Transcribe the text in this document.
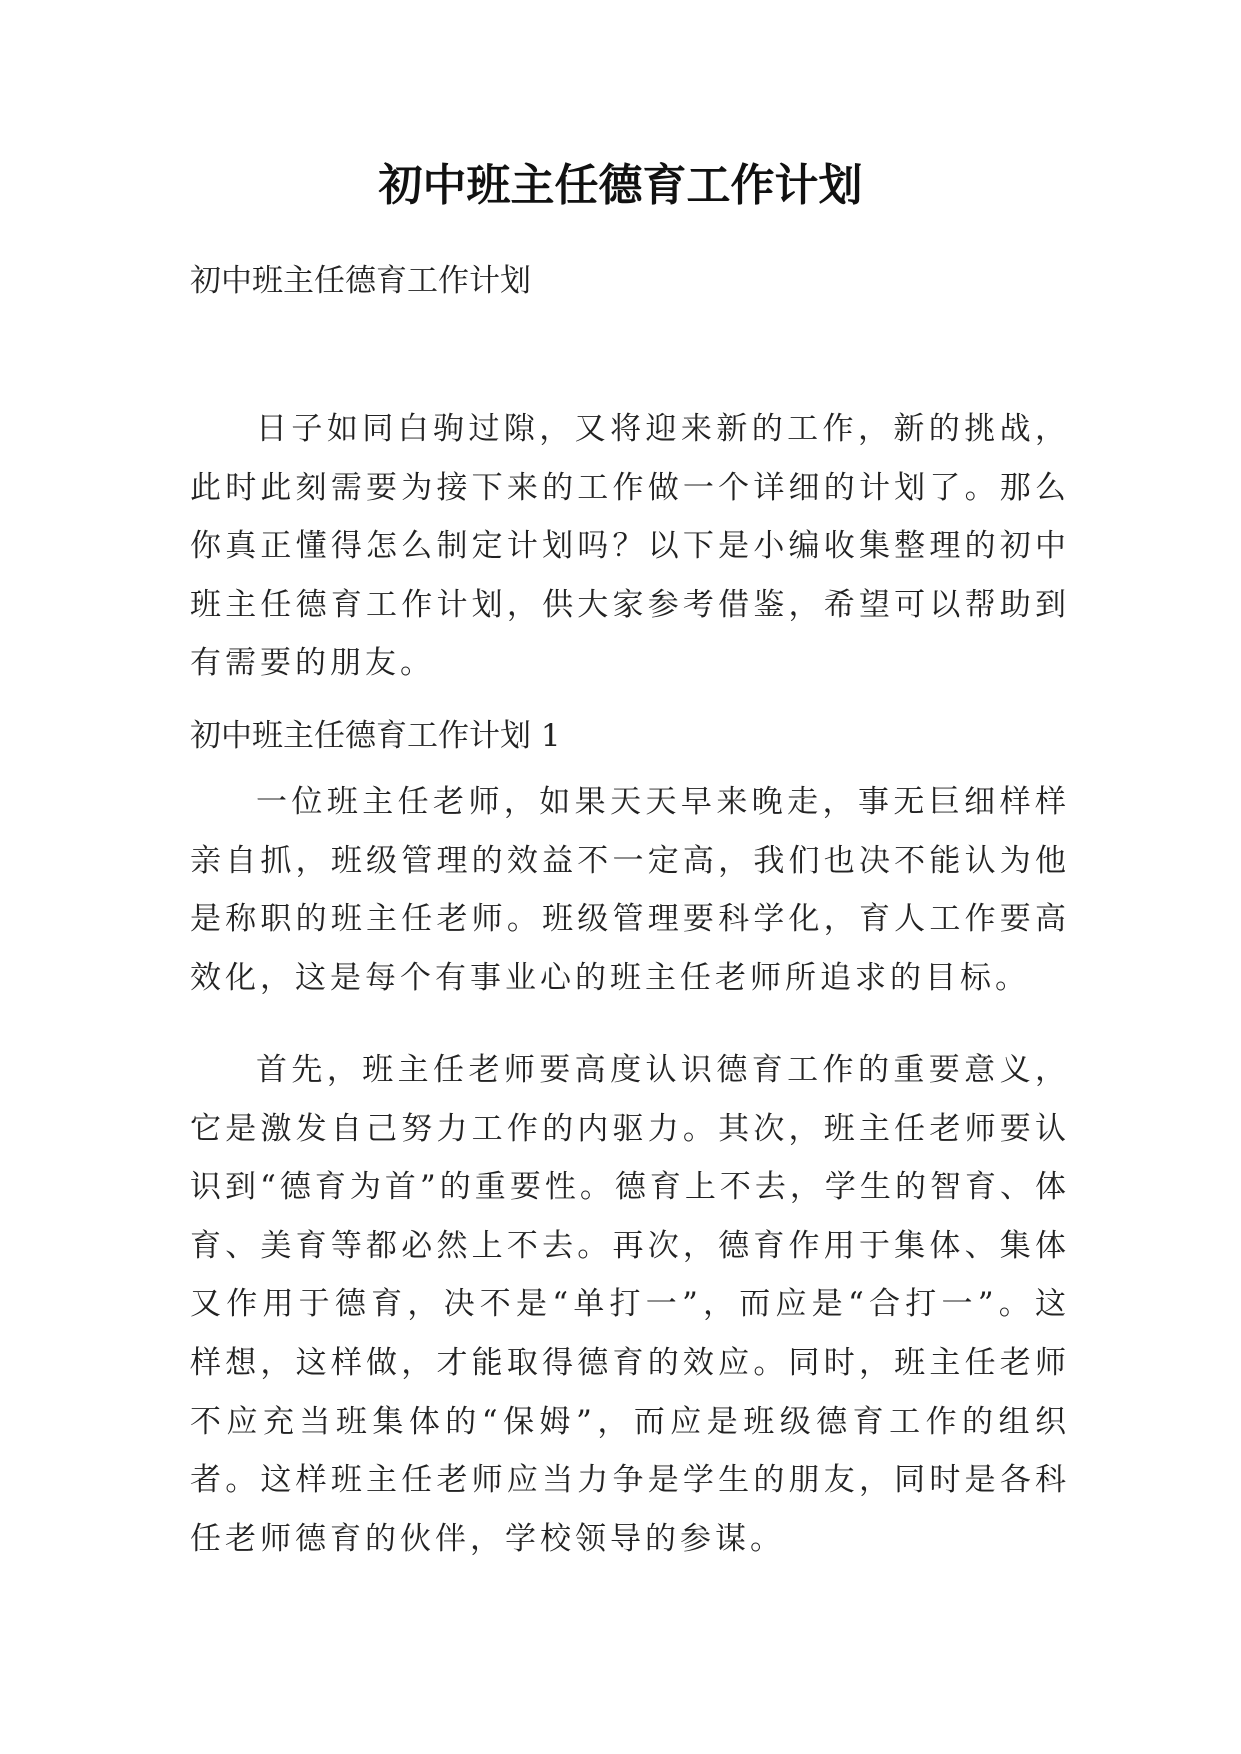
初中班主任德育工作计划

初中班主任德育工作计划

日子如同白驹过隙，又将迎来新的工作，新的挑战，此时此刻需要为接下来的工作做一个详细的计划了。那么你真正懂得怎么制定计划吗？以下是小编收集整理的初中班主任德育工作计划，供大家参考借鉴，希望可以帮助到有需要的朋友。

初中班主任德育工作计划 1

一位班主任老师，如果天天早来晚走，事无巨细样样亲自抓，班级管理的效益不一定高，我们也决不能认为他是称职的班主任老师。班级管理要科学化，育人工作要高效化，这是每个有事业心的班主任老师所追求的目标。

首先，班主任老师要高度认识德育工作的重要意义，它是激发自己努力工作的内驱力。其次，班主任老师要认识到“德育为首”的重要性。德育上不去，学生的智育、体育、美育等都必然上不去。再次，德育作用于集体、集体又作用于德育，决不是“单打一”，而应是“合打一”。这样想，这样做，才能取得德育的效应。同时，班主任老师不应充当班集体的“保姆”，而应是班级德育工作的组织者。这样班主任老师应当力争是学生的朋友，同时是各科任老师德育的伙伴，学校领导的参谋。
